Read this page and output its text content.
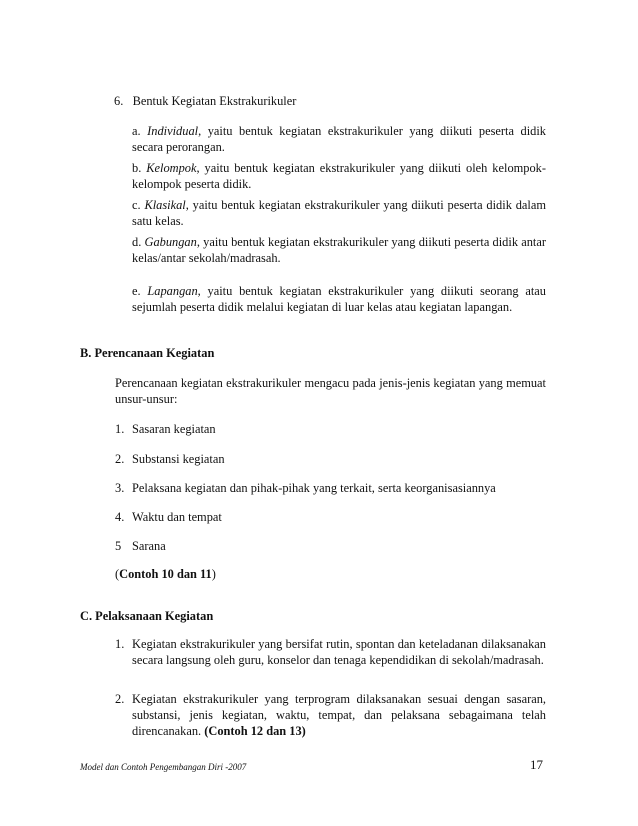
6. Bentuk Kegiatan Ekstrakurikuler
a. Individual, yaitu bentuk kegiatan ekstrakurikuler yang diikuti peserta didik secara perorangan.
b. Kelompok, yaitu bentuk kegiatan ekstrakurikuler yang diikuti oleh kelompok-kelompok peserta didik.
c. Klasikal, yaitu bentuk kegiatan ekstrakurikuler yang diikuti peserta didik dalam satu kelas.
d. Gabungan, yaitu bentuk kegiatan ekstrakurikuler yang diikuti peserta didik antar kelas/antar sekolah/madrasah.
e. Lapangan, yaitu bentuk kegiatan ekstrakurikuler yang diikuti seorang atau sejumlah peserta didik melalui kegiatan di luar kelas atau kegiatan lapangan.
B. Perencanaan Kegiatan
Perencanaan kegiatan ekstrakurikuler mengacu pada jenis-jenis kegiatan yang memuat unsur-unsur:
1. Sasaran kegiatan
2. Substansi kegiatan
3. Pelaksana kegiatan dan pihak-pihak yang terkait, serta keorganisasiannya
4. Waktu dan tempat
5 Sarana
(Contoh 10 dan 11)
C. Pelaksanaan Kegiatan
1. Kegiatan ekstrakurikuler yang bersifat rutin, spontan dan keteladanan dilaksanakan secara langsung oleh guru, konselor dan tenaga kependidikan di sekolah/madrasah.
2. Kegiatan ekstrakurikuler yang terprogram dilaksanakan sesuai dengan sasaran, substansi, jenis kegiatan, waktu, tempat, dan pelaksana sebagaimana telah direncanakan. (Contoh 12 dan 13)
Model dan Contoh Pengembangan Diri -2007	17
